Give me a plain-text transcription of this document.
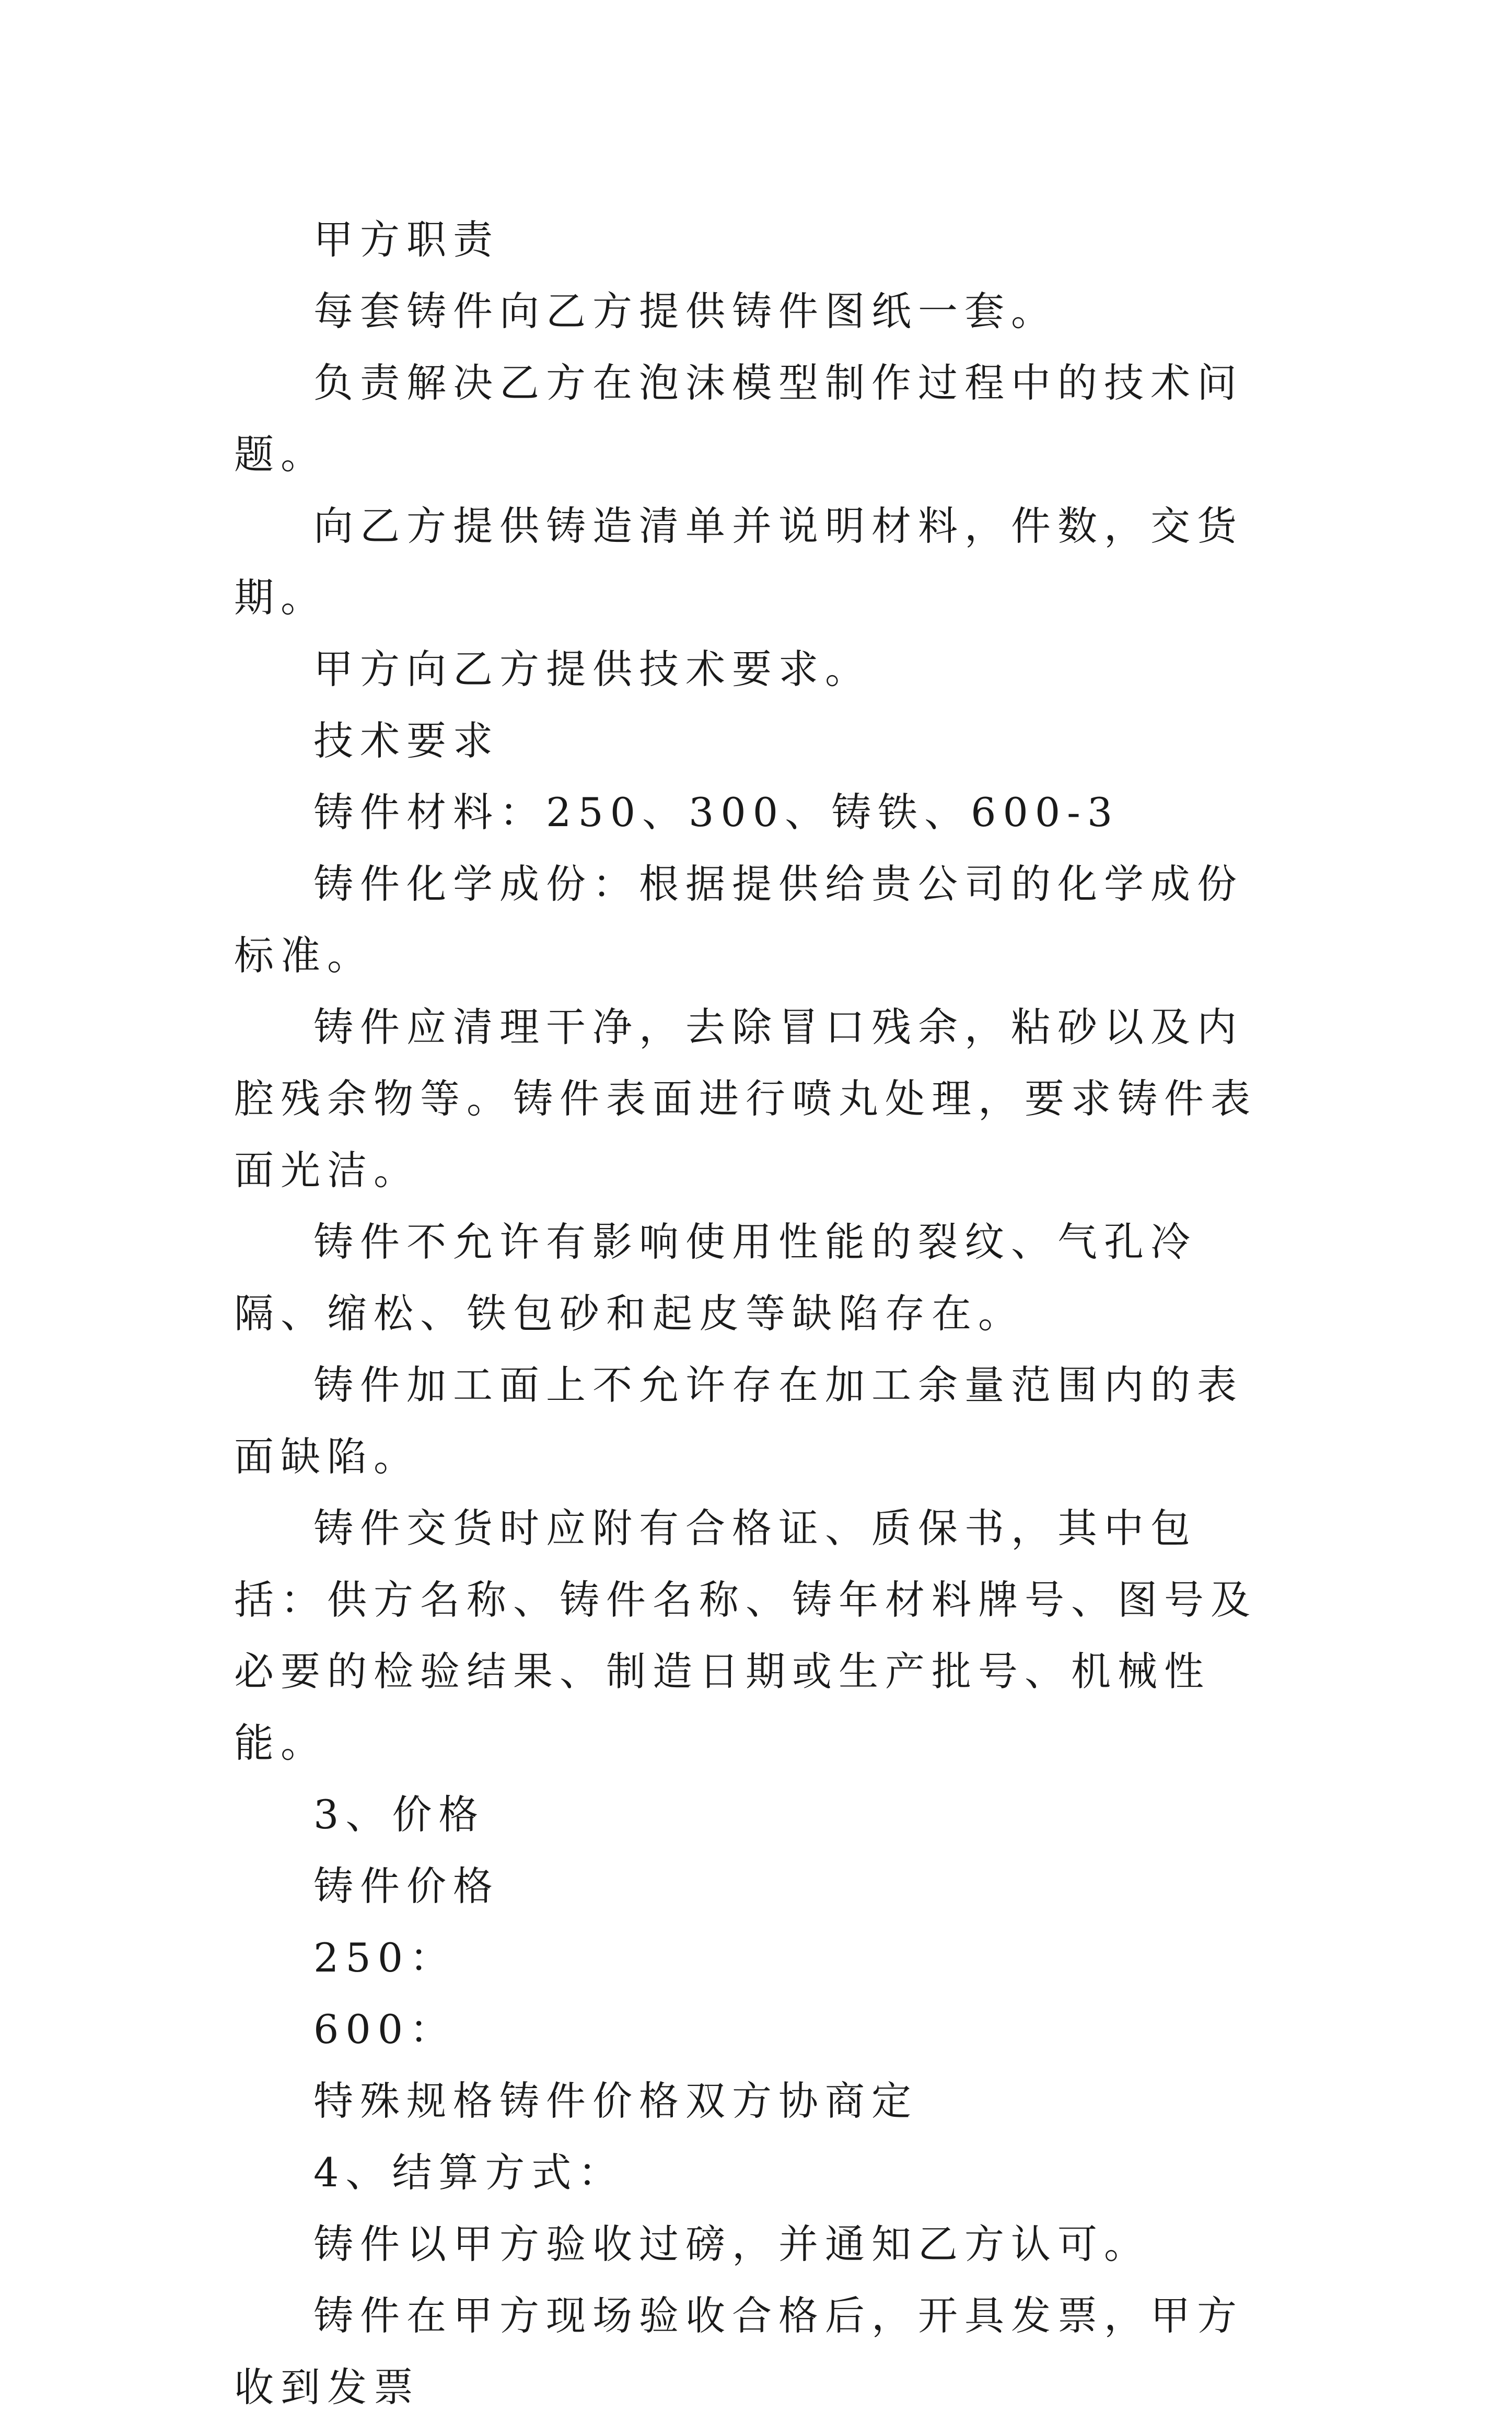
甲方职责

每套铸件向乙方提供铸件图纸一套。

负责解决乙方在泡沫模型制作过程中的技术问题。

向乙方提供铸造清单并说明材料，件数，交货期。

甲方向乙方提供技术要求。

技术要求

铸件材料：250、300、铸铁、600-3

铸件化学成份：根据提供给贵公司的化学成份标准。

铸件应清理干净，去除冒口残余，粘砂以及内腔残余物等。铸件表面进行喷丸处理，要求铸件表面光洁。

铸件不允许有影响使用性能的裂纹、气孔冷隔、缩松、铁包砂和起皮等缺陷存在。

铸件加工面上不允许存在加工余量范围内的表面缺陷。

铸件交货时应附有合格证、质保书，其中包括：供方名称、铸件名称、铸年材料牌号、图号及必要的检验结果、制造日期或生产批号、机械性能。

3、价格

铸件价格

250：

600：

特殊规格铸件价格双方协商定

4、结算方式：

铸件以甲方验收过磅，并通知乙方认可。

铸件在甲方现场验收合格后，开具发票，甲方收到发票
